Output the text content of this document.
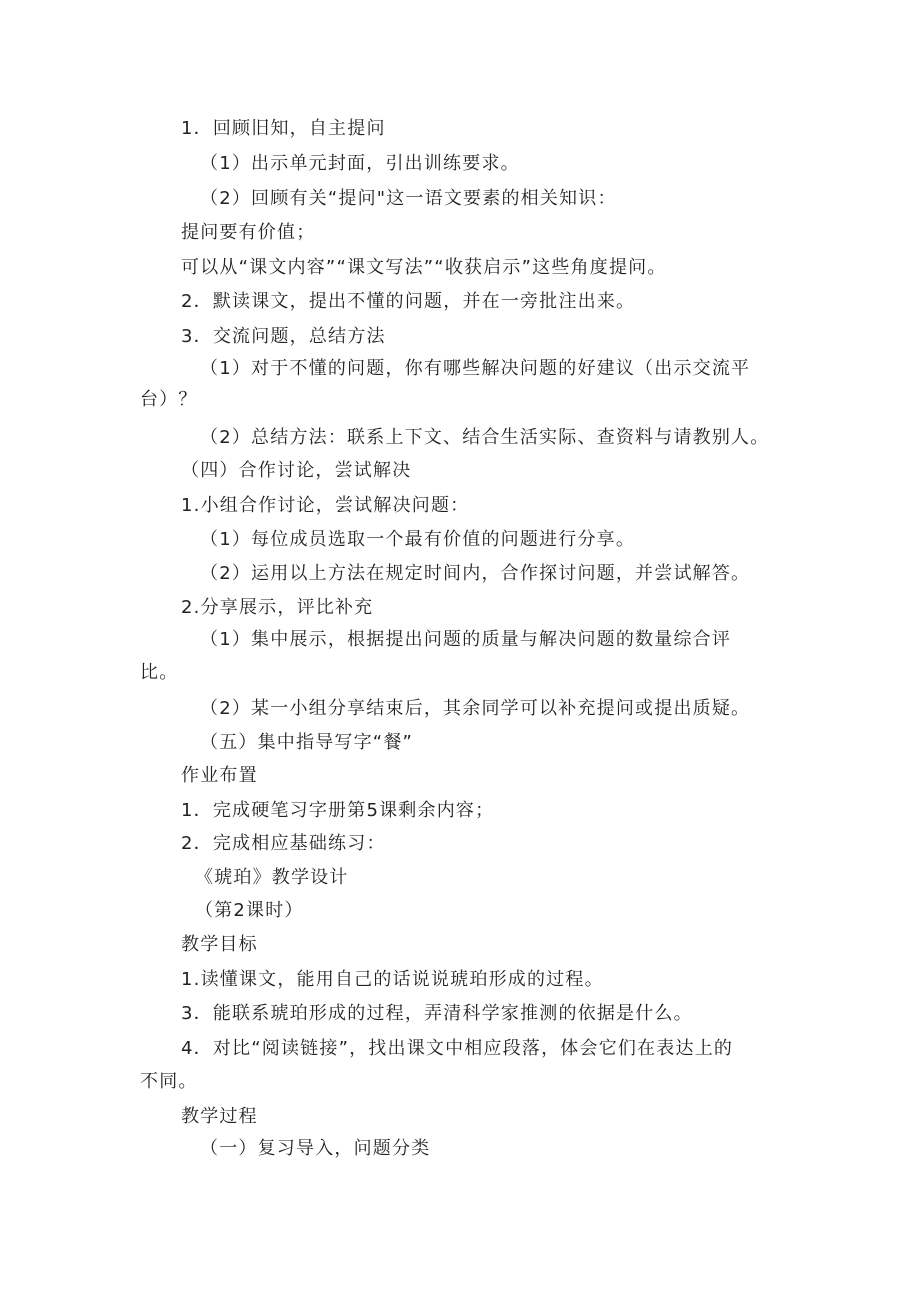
1．回顾旧知，自主提问

（1）出示单元封面，引出训练要求。

（2）回顾有关“提问"这一语文要素的相关知识：

提问要有价值；

可以从“课文内容”“课文写法”“收获启示”这些角度提问。

2．默读课文，提出不懂的问题，并在一旁批注出来。

3．交流问题，总结方法

（1）对于不懂的问题，你有哪些解决问题的好建议（出示交流平

台）？

（2）总结方法：联系上下文、结合生活实际、查资料与请教别人。

（四）合作讨论，尝试解决

1.小组合作讨论，尝试解决问题：

（1）每位成员选取一个最有价值的问题进行分享。

（2）运用以上方法在规定时间内，合作探讨问题，并尝试解答。

2.分享展示，评比补充

（1）集中展示，根据提出问题的质量与解决问题的数量综合评

比。

（2）某一小组分享结束后，其余同学可以补充提问或提出质疑。

（五）集中指导写字“餐”

作业布置

1．完成硬笔习字册第5课剩余内容；

2．完成相应基础练习：

《琥珀》教学设计

（第2课时）

教学目标

1.读懂课文，能用自己的话说说琥珀形成的过程。

3．能联系琥珀形成的过程，弄清科学家推测的依据是什么。

4．对比“阅读链接”，找出课文中相应段落，体会它们在表达上的

不同。

教学过程

（一）复习导入，问题分类
